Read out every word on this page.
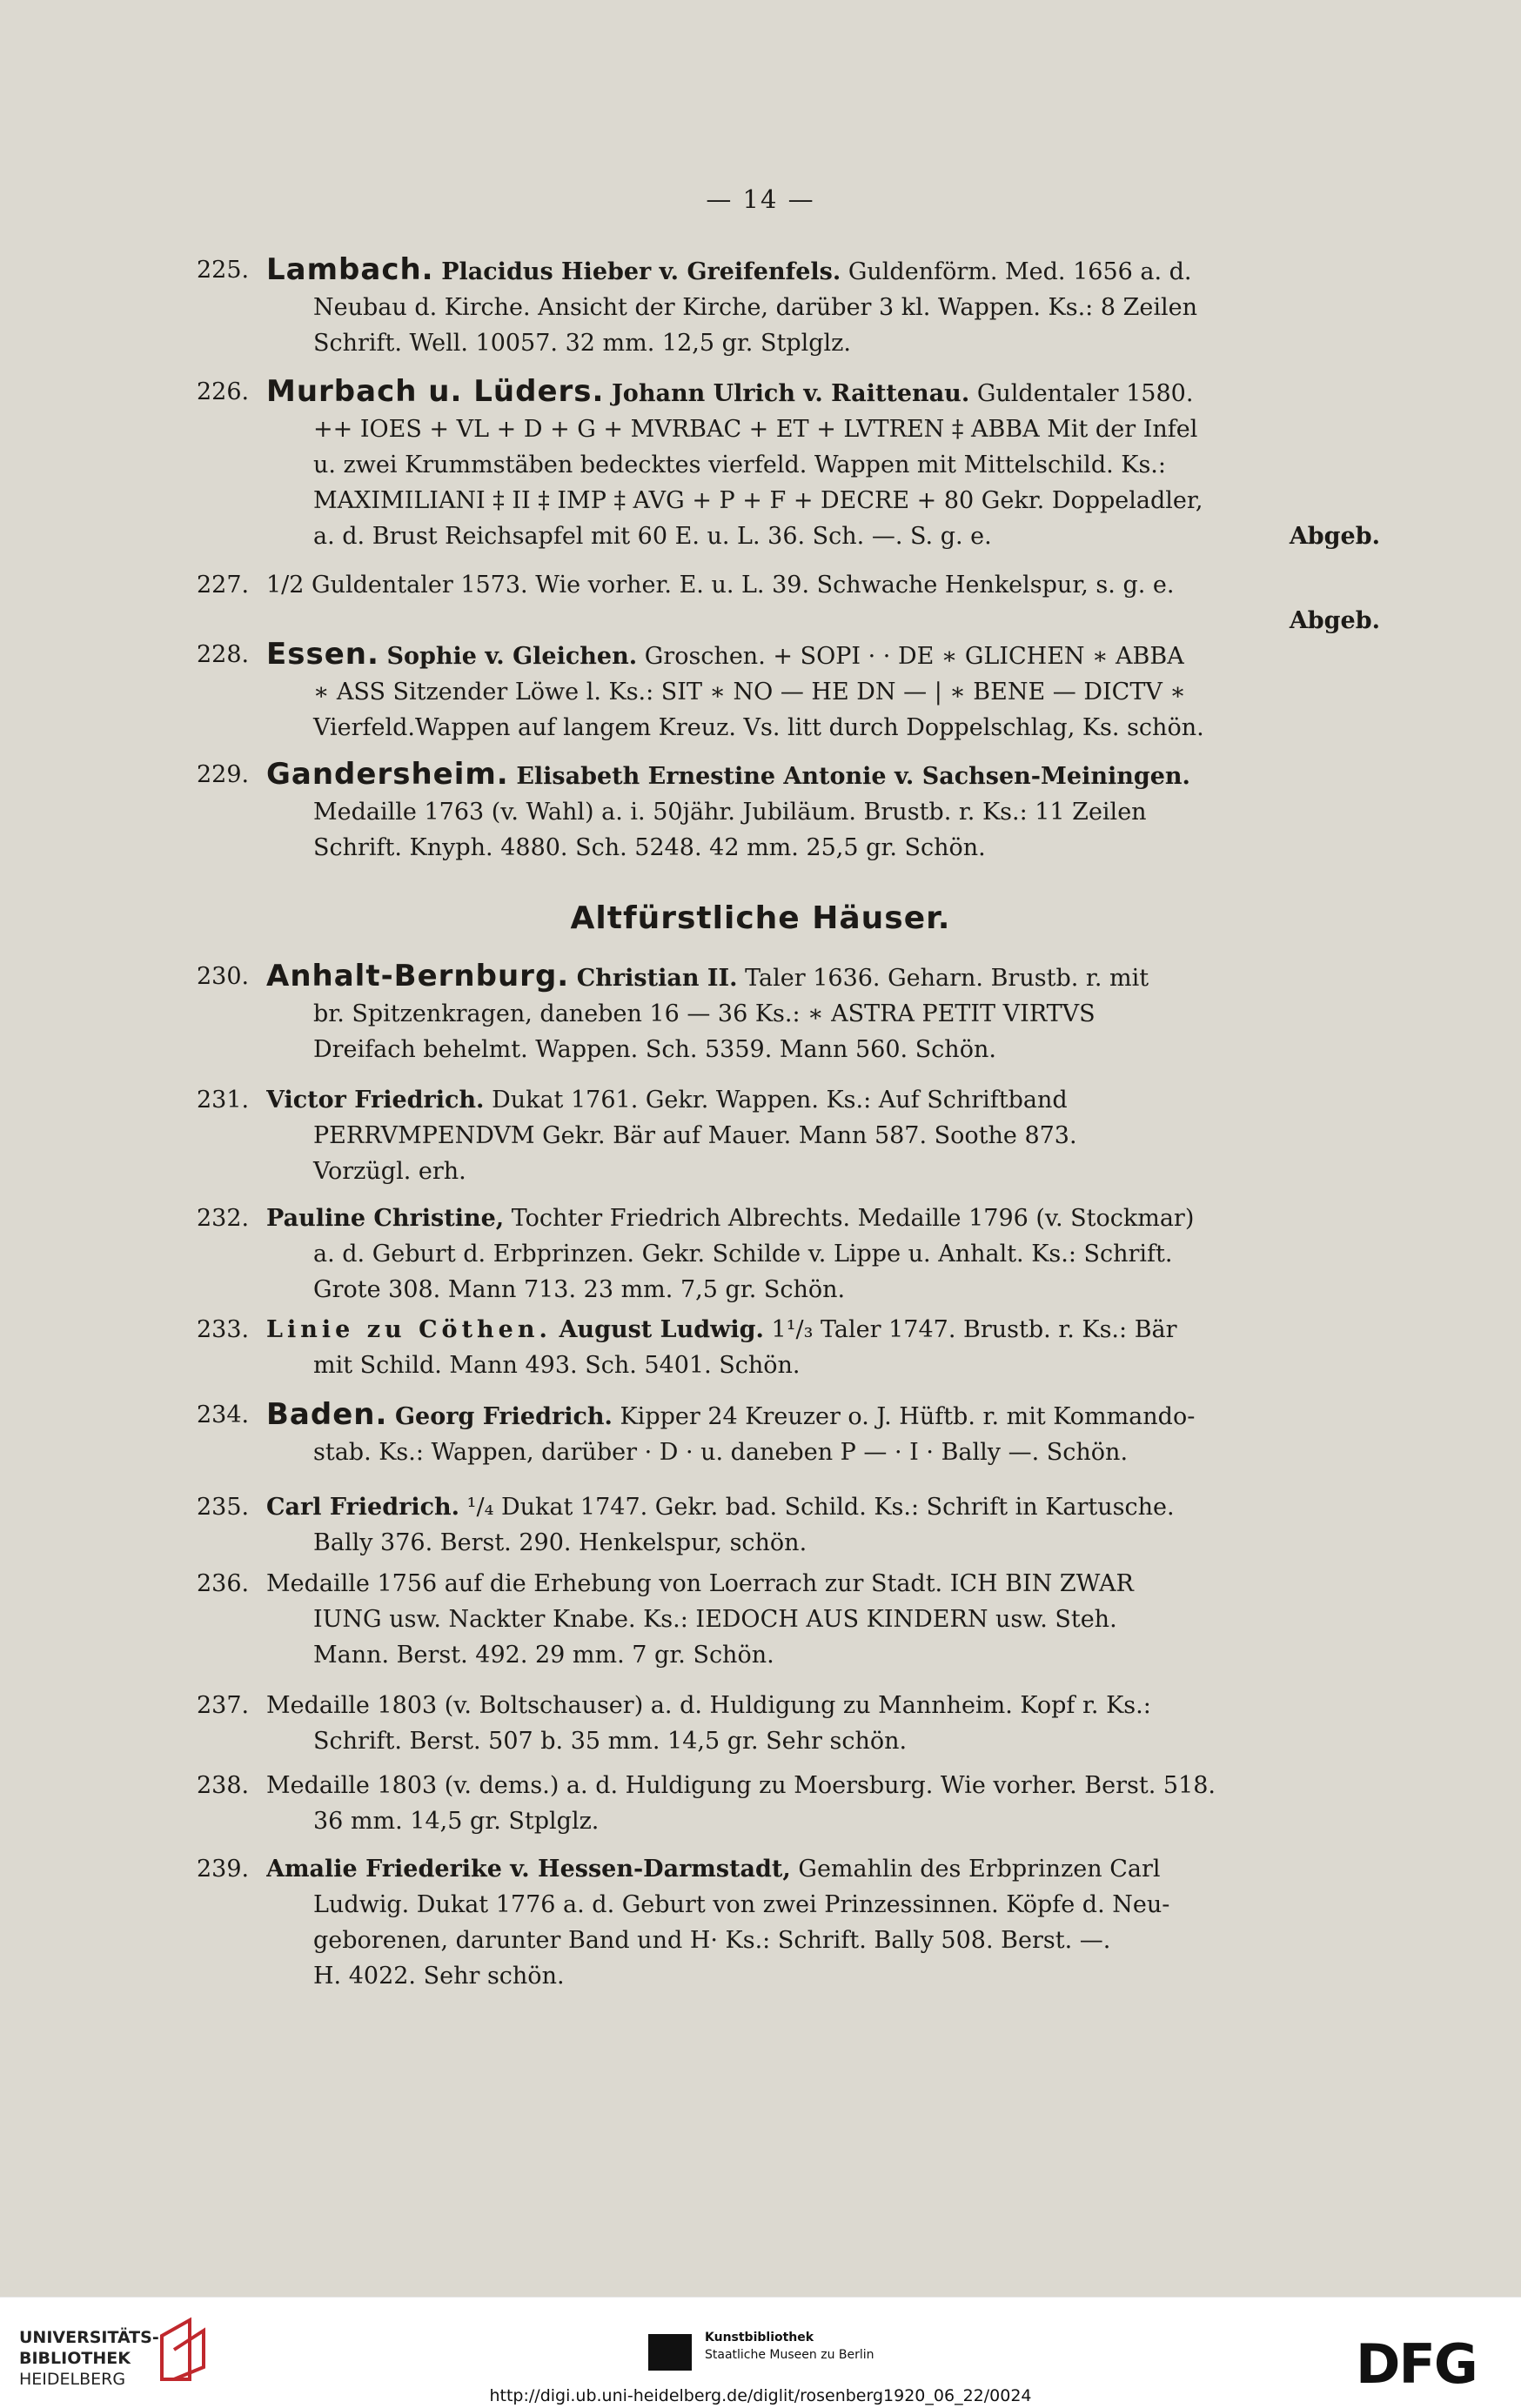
— 14 —
225. Lambach. Placidus Hieber v. Greifenfels. Guldenförm. Med. 1656 a. d.
Neubau d. Kirche. Ansicht der Kirche, darüber 3 kl. Wappen. Ks.: 8 Zeilen
Schrift. Well. 10057. 32 mm. 12,5 gr. Stplglz.
226. Murbach u. Lüders. Johann Ulrich v. Raittenau. Guldentaler 1580.
++ IOES + VL + D + G + MVRBAC + ET + LVTREN ‡ ABBA Mit der Infel
u. zwei Krummstäben bedecktes vierfeld. Wappen mit Mittelschild. Ks.:
MAXIMILIANI ‡ II ‡ IMP ‡ AVG + P + F + DECRE + 80 Gekr. Doppeladler,
a. d. Brust Reichsapfel mit 60 E. u. L. 36. Sch. —. S. g. e.	Abgeb.
227. 1/2 Guldentaler 1573. Wie vorher. E. u. L. 39. Schwache Henkelspur, s. g. e.
Abgeb.
228. Essen. Sophie v. Gleichen. Groschen. + SOPI · · DE ∗ GLICHEN ∗ ABBA
∗ ASS Sitzender Löwe l. Ks.: SIT ∗ NO — HE DN — | ∗ BENE — DICTV ∗
Vierfeld.Wappen auf langem Kreuz. Vs. litt durch Doppelschlag, Ks. schön.
229. Gandersheim. Elisabeth Ernestine Antonie v. Sachsen-Meiningen.
Medaille 1763 (v. Wahl) a. i. 50jähr. Jubiläum. Brustb. r. Ks.: 11 Zeilen
Schrift. Knyph. 4880. Sch. 5248. 42 mm. 25,5 gr. Schön.
Altfürstliche Häuser.
230. Anhalt-Bernburg. Christian II. Taler 1636. Geharn. Brustb. r. mit
br. Spitzenkragen, daneben 16 — 36 Ks.: ∗ ASTRA PETIT VIRTVS
Dreifach behelmt. Wappen. Sch. 5359. Mann 560. Schön.
231. Victor Friedrich. Dukat 1761. Gekr. Wappen. Ks.: Auf Schriftband
PERRVMPENDVM Gekr. Bär auf Mauer. Mann 587. Soothe 873.
Vorzügl. erh.
232. Pauline Christine, Tochter Friedrich Albrechts. Medaille 1796 (v. Stockmar)
a. d. Geburt d. Erbprinzen. Gekr. Schilde v. Lippe u. Anhalt. Ks.: Schrift.
Grote 308. Mann 713. 23 mm. 7,5 gr. Schön.
233. Linie zu Cöthen. August Ludwig. 1¹/₃ Taler 1747. Brustb. r. Ks.: Bär
mit Schild. Mann 493. Sch. 5401. Schön.
234. Baden. Georg Friedrich. Kipper 24 Kreuzer o. J. Hüftb. r. mit Kommando-
stab. Ks.: Wappen, darüber · D · u. daneben P — · I · Bally —. Schön.
235. Carl Friedrich. ¹/₄ Dukat 1747. Gekr. bad. Schild. Ks.: Schrift in Kartusche.
Bally 376. Berst. 290. Henkelspur, schön.
236. Medaille 1756 auf die Erhebung von Loerrach zur Stadt. ICH BIN ZWAR
IUNG usw. Nackter Knabe. Ks.: IEDOCH AUS KINDERN usw. Steh.
Mann. Berst. 492. 29 mm. 7 gr. Schön.
237. Medaille 1803 (v. Boltschauser) a. d. Huldigung zu Mannheim. Kopf r. Ks.:
Schrift. Berst. 507 b. 35 mm. 14,5 gr. Sehr schön.
238. Medaille 1803 (v. dems.) a. d. Huldigung zu Moersburg. Wie vorher. Berst. 518.
36 mm. 14,5 gr. Stplglz.
239. Amalie Friederike v. Hessen-Darmstadt, Gemahlin des Erbprinzen Carl
Ludwig. Dukat 1776 a. d. Geburt von zwei Prinzessinnen. Köpfe d. Neu-
geborenen, darunter Band und H· Ks.: Schrift. Bally 508. Berst. —.
H. 4022. Sehr schön.
UNIVERSITÄTS-
BIBLIOTHEK
HEIDELBERG
Kunstbibliothek
Staatliche Museen zu Berlin	DFG
http://digi.ub.uni-heidelberg.de/diglit/rosenberg1920_06_22/0024
